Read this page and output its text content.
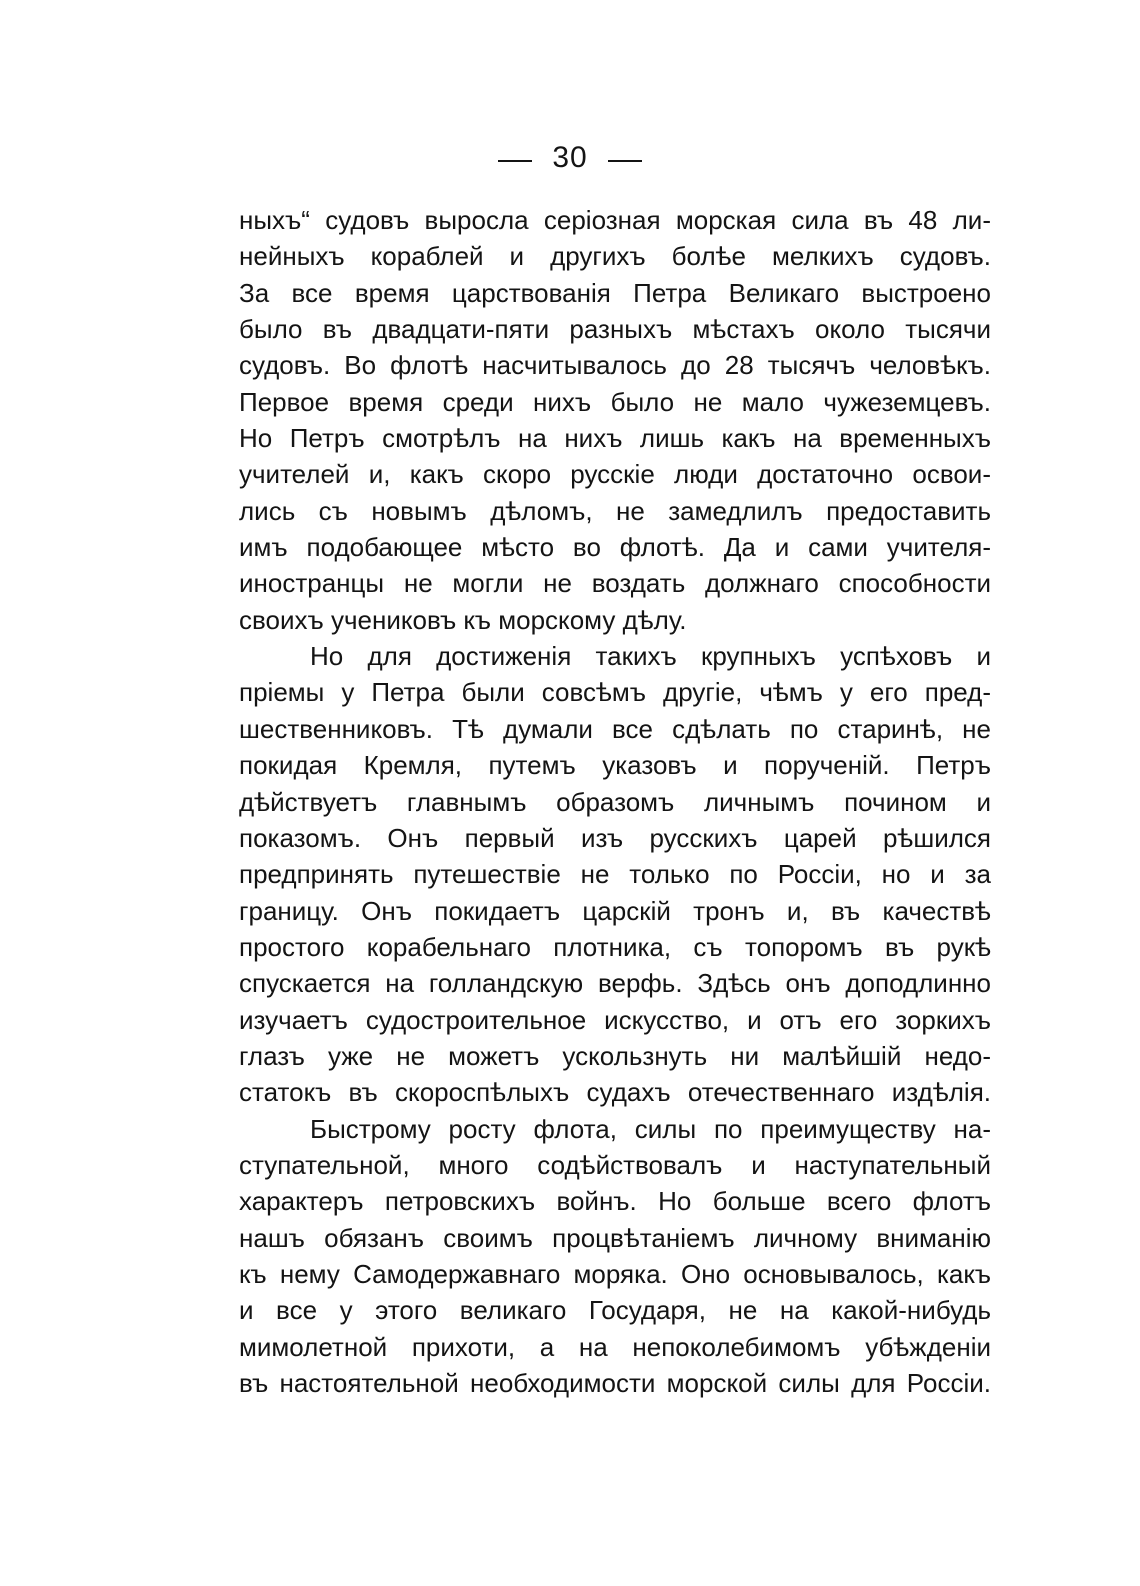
30
ныхъ“ судовъ выросла серіозная морская сила въ 48 ли-
нейныхъ кораблей и другихъ болѣе мелкихъ судовъ.
За все время царствованія Петра Великаго выстроено
было въ двадцати-пяти разныхъ мѣстахъ около тысячи
судовъ. Во флотѣ насчитывалось до 28 тысячъ человѣкъ.
Первое время среди нихъ было не мало чужеземцевъ.
Но Петръ смотрѣлъ на нихъ лишь какъ на временныхъ
учителей и, какъ скоро русскіе люди достаточно освои-
лись съ новымъ дѣломъ, не замедлилъ предоставить
имъ подобающее мѣсто во флотѣ. Да и сами учителя-
иностранцы не могли не воздать должнаго способности
своихъ учениковъ къ морскому дѣлу.
Но для достиженія такихъ крупныхъ успѣховъ и
пріемы у Петра были совсѣмъ другіе, чѣмъ у его пред-
шественниковъ. Тѣ думали все сдѣлать по старинѣ, не
покидая Кремля, путемъ указовъ и порученій. Петръ
дѣйствуетъ главнымъ образомъ личнымъ почином и
показомъ. Онъ первый изъ русскихъ царей рѣшился
предпринять путешествіе не только по Россіи, но и за
границу. Онъ покидаетъ царскій тронъ и, въ качествѣ
простого корабельнаго плотника, съ топоромъ въ рукѣ
спускается на голландскую верфь. Здѣсь онъ доподлинно
изучаетъ судостроительное искусство, и отъ его зоркихъ
глазъ уже не можетъ ускользнуть ни малѣйшій недо-
статокъ въ скороспѣлыхъ судахъ отечественнаго издѣлія.
Быстрому росту флота, силы по преимуществу на-
ступательной, много содѣйствовалъ и наступательный
характеръ петровскихъ войнъ. Но больше всего флотъ
нашъ обязанъ своимъ процвѣтаніемъ личному вниманію
къ нему Самодержавнаго моряка. Оно основывалось, какъ
и все у этого великаго Государя, не на какой-нибудь
мимолетной прихоти, а на непоколебимомъ убѣжденіи
въ настоятельной необходимости морской силы для Россіи.
